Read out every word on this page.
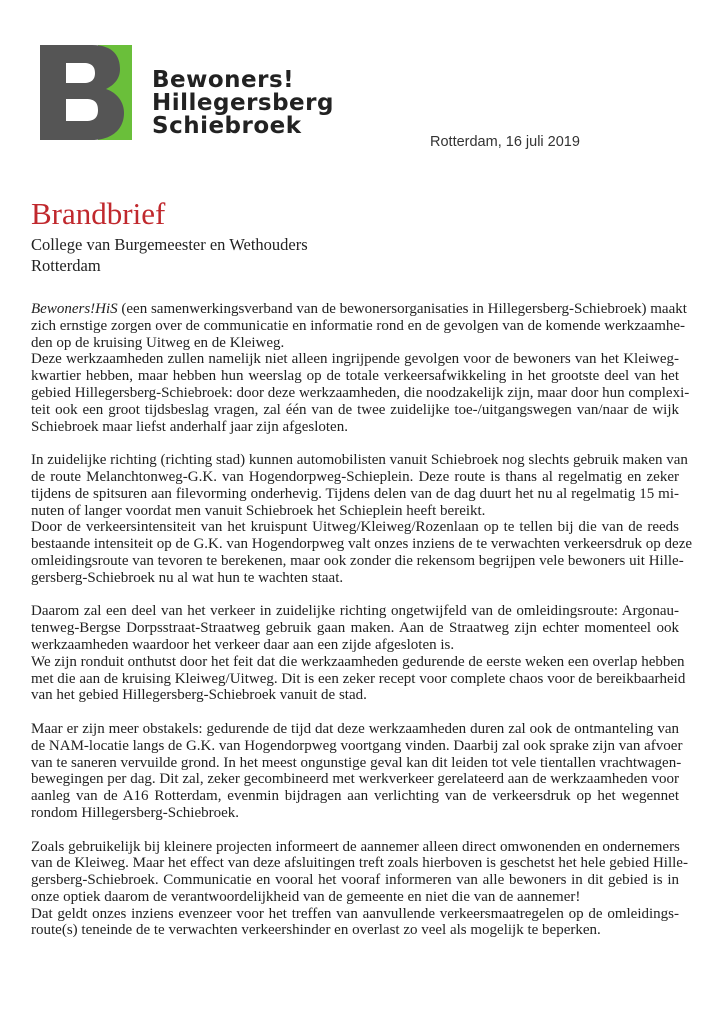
Bewoners!
Hillegersberg
Schiebroek
Rotterdam, 16 juli 2019
Brandbrief
College van Burgemeester en Wethouders
Rotterdam
Bewoners!HiS (een samenwerkingsverband van de bewonersorganisaties in Hillegersberg-Schiebroek) maakt
zich ernstige zorgen over de communicatie en informatie rond en de gevolgen van de komende werkzaamhe-
den op de kruising Uitweg en de Kleiweg.
Deze werkzaamheden zullen namelijk niet alleen ingrijpende gevolgen voor de bewoners van het Kleiweg-
kwartier hebben, maar hebben hun weerslag op de totale verkeersafwikkeling in het grootste deel van het
gebied Hillegersberg-Schiebroek: door deze werkzaamheden, die noodzakelijk zijn, maar door hun complexi-
teit ook een groot tijdsbeslag vragen, zal één van de twee zuidelijke toe-/uitgangswegen van/naar de wijk
Schiebroek maar liefst anderhalf jaar zijn afgesloten.
In zuidelijke richting (richting stad) kunnen automobilisten vanuit Schiebroek nog slechts gebruik maken van
de route Melanchtonweg-G.K. van Hogendorpweg-Schieplein. Deze route is thans al regelmatig en zeker
tijdens de spitsuren aan filevorming onderhevig. Tijdens delen van de dag duurt het nu al regelmatig 15 mi-
nuten of langer voordat men vanuit Schiebroek het Schieplein heeft bereikt.
Door de verkeersintensiteit van het kruispunt Uitweg/Kleiweg/Rozenlaan op te tellen bij die van de reeds
bestaande intensiteit op de G.K. van Hogendorpweg valt onzes inziens de te verwachten verkeersdruk op deze
omleidingsroute van tevoren te berekenen, maar ook zonder die rekensom begrijpen vele bewoners uit Hille-
gersberg-Schiebroek nu al wat hun te wachten staat.
Daarom zal een deel van het verkeer in zuidelijke richting ongetwijfeld van de omleidingsroute: Argonau-
tenweg-Bergse Dorpsstraat-Straatweg gebruik gaan maken. Aan de Straatweg zijn echter momenteel ook
werkzaamheden waardoor het verkeer daar aan een zijde afgesloten is.
We zijn ronduit onthutst door het feit dat die werkzaamheden gedurende de eerste weken een overlap hebben
met die aan de kruising Kleiweg/Uitweg. Dit is een zeker recept voor complete chaos voor de bereikbaarheid
van het gebied Hillegersberg-Schiebroek vanuit de stad.
Maar er zijn meer obstakels: gedurende de tijd dat deze werkzaamheden duren zal ook de ontmanteling van
de NAM-locatie langs de G.K. van Hogendorpweg voortgang vinden. Daarbij zal ook sprake zijn van afvoer
van te saneren vervuilde grond. In het meest ongunstige geval kan dit leiden tot vele tientallen vrachtwagen-
bewegingen per dag. Dit zal, zeker gecombineerd met werkverkeer gerelateerd aan de werkzaamheden voor
aanleg van de A16 Rotterdam, evenmin bijdragen aan verlichting van de verkeersdruk op het wegennet
rondom Hillegersberg-Schiebroek.
Zoals gebruikelijk bij kleinere projecten informeert de aannemer alleen direct omwonenden en ondernemers
van de Kleiweg. Maar het effect van deze afsluitingen treft zoals hierboven is geschetst het hele gebied Hille-
gersberg-Schiebroek. Communicatie en vooral het vooraf informeren van alle bewoners in dit gebied is in
onze optiek daarom de verantwoordelijkheid van de gemeente en niet die van de aannemer!
Dat geldt onzes inziens evenzeer voor het treffen van aanvullende verkeersmaatregelen op de omleidings-
route(s) teneinde de te verwachten verkeershinder en overlast zo veel als mogelijk te beperken.
